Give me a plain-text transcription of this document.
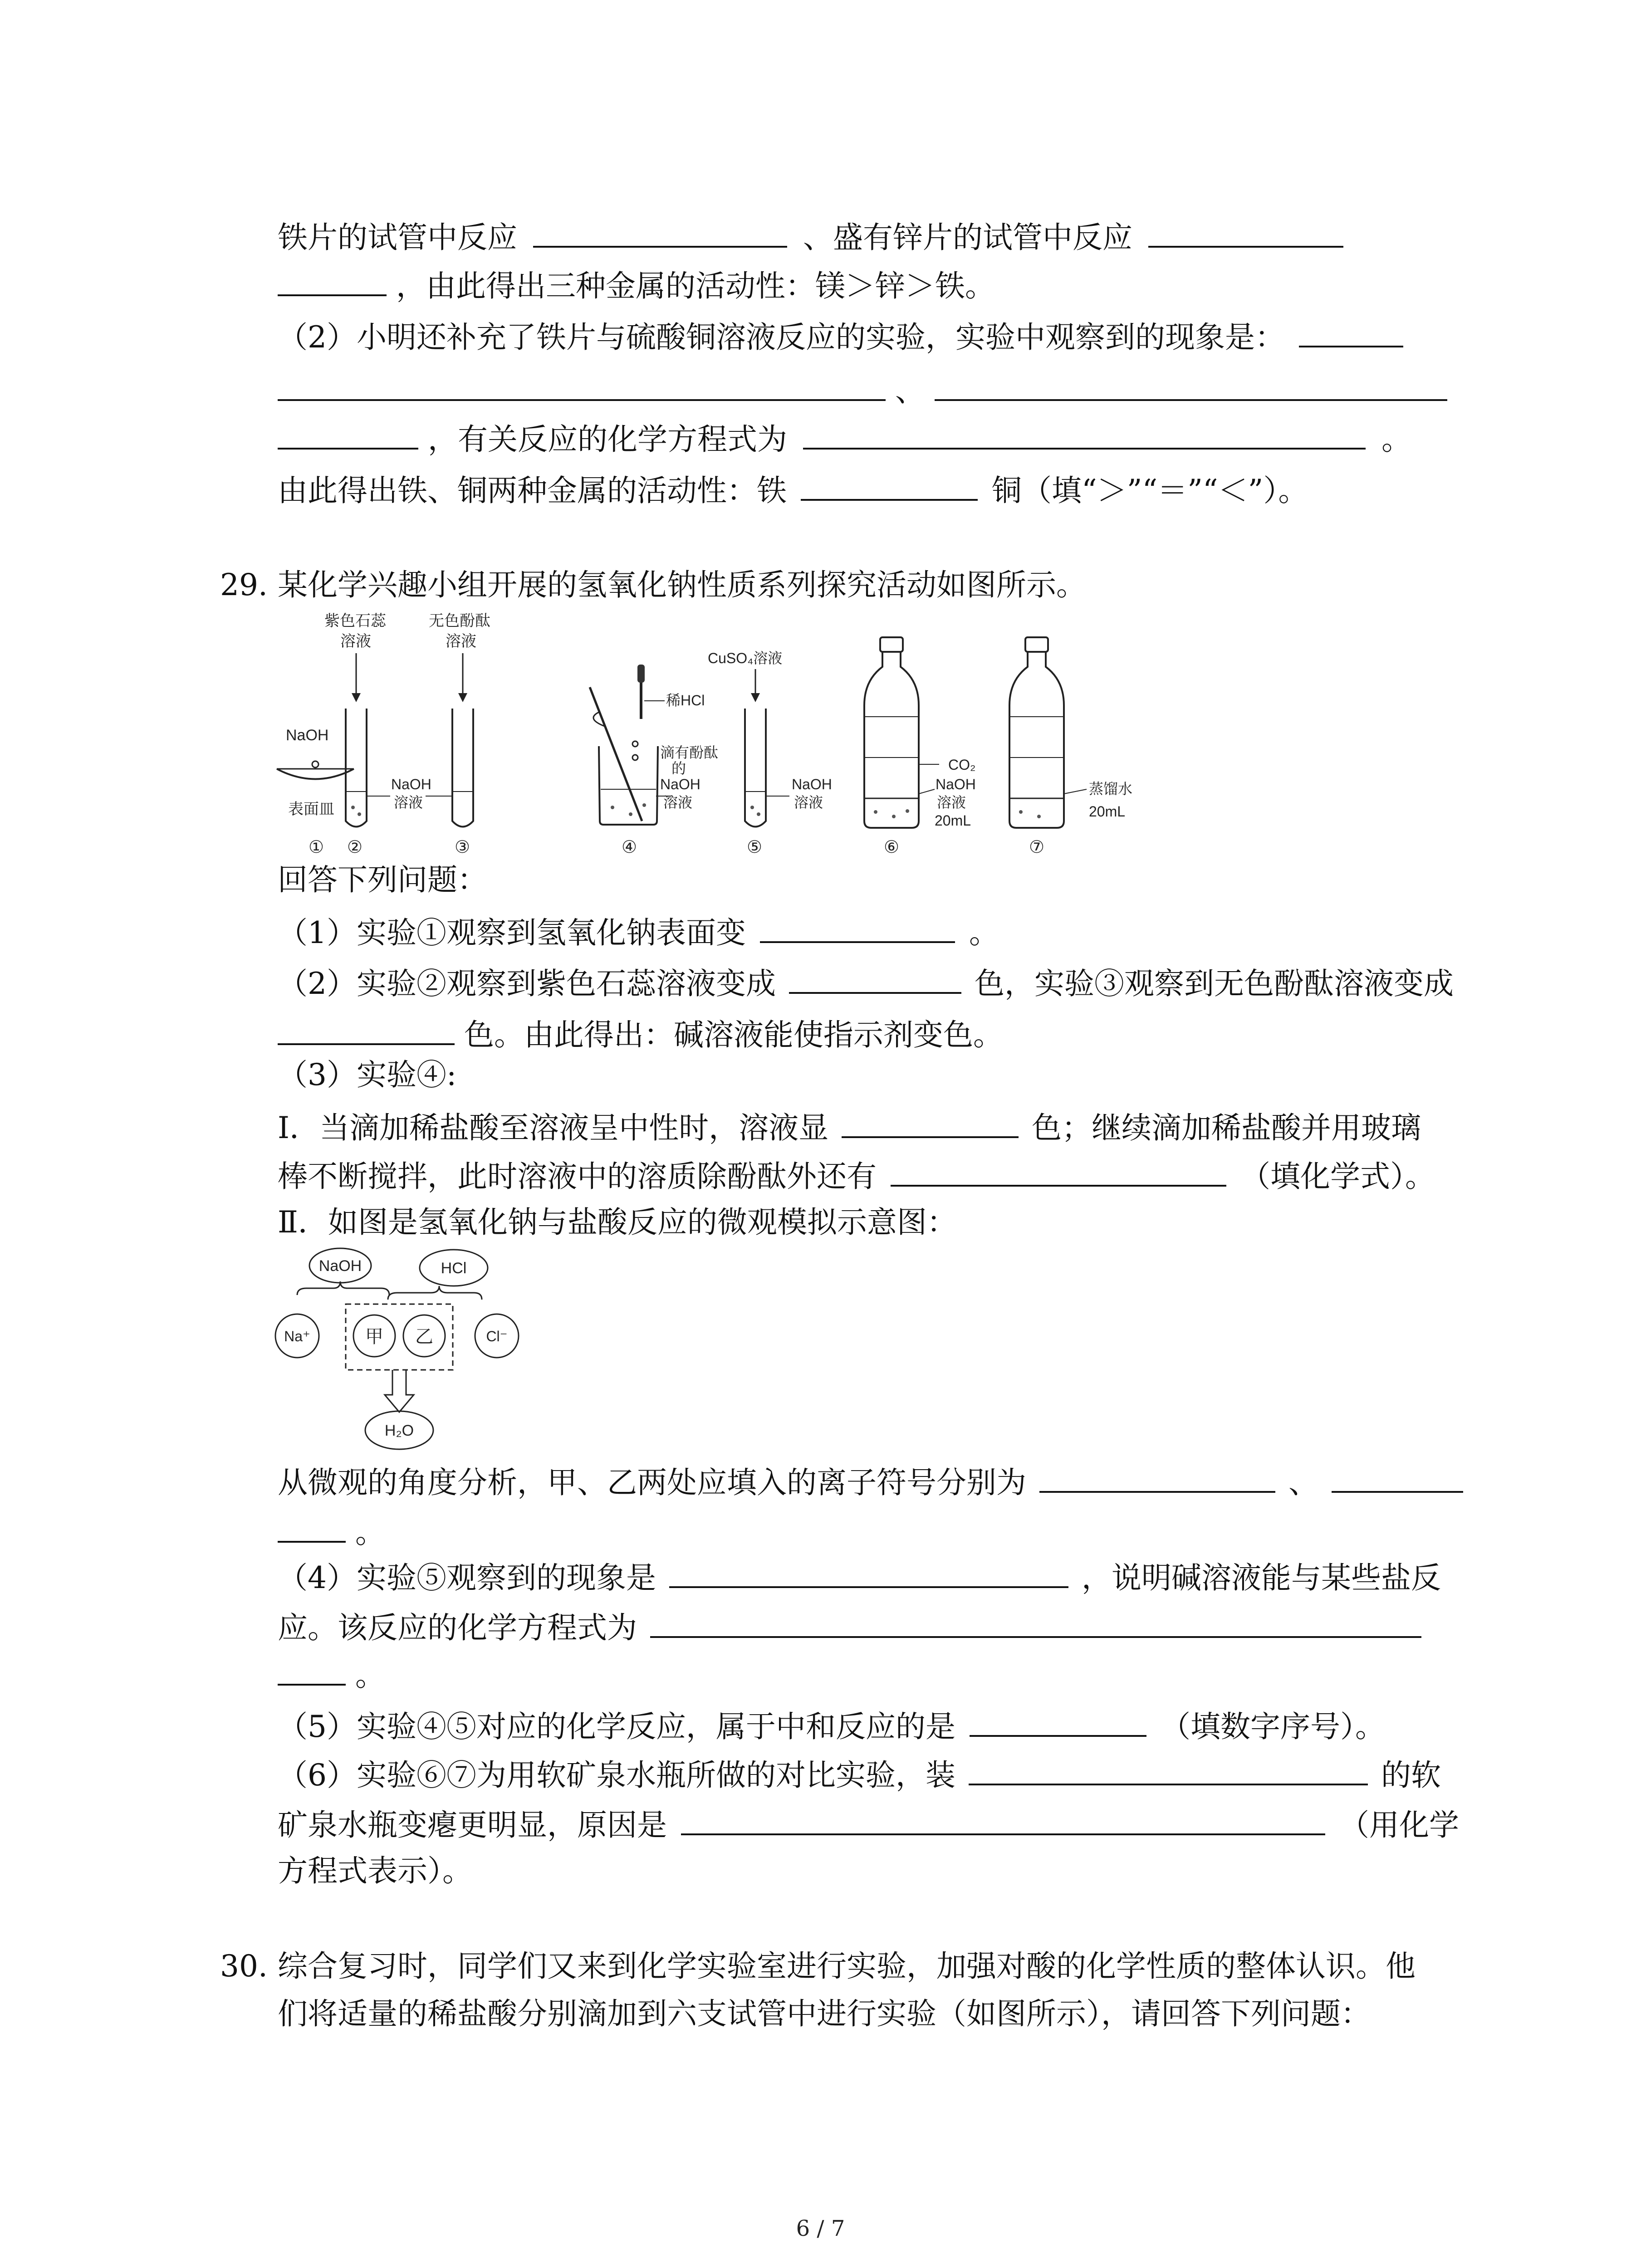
铁片的试管中反应	、盛有锌片的试管中反应
，由此得出三种金属的活动性：镁＞锌＞铁。
（2）小明还补充了铁片与硫酸铜溶液反应的实验，实验中观察到的现象是：
、
，有关反应的化学方程式为	。
由此得出铁、铜两种金属的活动性：铁	铜（填“＞”“＝”“＜”）。
29. 某化学兴趣小组开展的氢氧化钠性质系列探究活动如图所示。
NaOH
表面皿
①
紫色石蕊
溶液
②
NaOH
溶液
无色酚酞
溶液
③
稀HCl
滴有酚酞
的
NaOH
溶液
④
CuSO₄溶液
NaOH
溶液
⑤
CO₂
NaOH
溶液
20mL
⑥
蒸馏水
20mL
⑦
回答下列问题：
（1）实验①观察到氢氧化钠表面变	。
（2）实验②观察到紫色石蕊溶液变成	色，实验③观察到无色酚酞溶液变成
色。由此得出：碱溶液能使指示剂变色。
（3）实验④:
Ⅰ．当滴加稀盐酸至溶液呈中性时，溶液显	色；继续滴加稀盐酸并用玻璃
棒不断搅拌，此时溶液中的溶质除酚酞外还有	（填化学式）。
Ⅱ．如图是氢氧化钠与盐酸反应的微观模拟示意图：
NaOH	HCl
Na⁺	甲 乙	Cl⁻
H₂O
从微观的角度分析，甲、乙两处应填入的离子符号分别为	、
。
（4）实验⑤观察到的现象是	，说明碱溶液能与某些盐反
应。该反应的化学方程式为
。
（5）实验④⑤对应的化学反应，属于中和反应的是	（填数字序号）。
（6）实验⑥⑦为用软矿泉水瓶所做的对比实验，装	的软
矿泉水瓶变瘪更明显，原因是	（用化学
方程式表示）。
30. 综合复习时，同学们又来到化学实验室进行实验，加强对酸的化学性质的整体认识。他
们将适量的稀盐酸分别滴加到六支试管中进行实验（如图所示），请回答下列问题：
6 / 7
